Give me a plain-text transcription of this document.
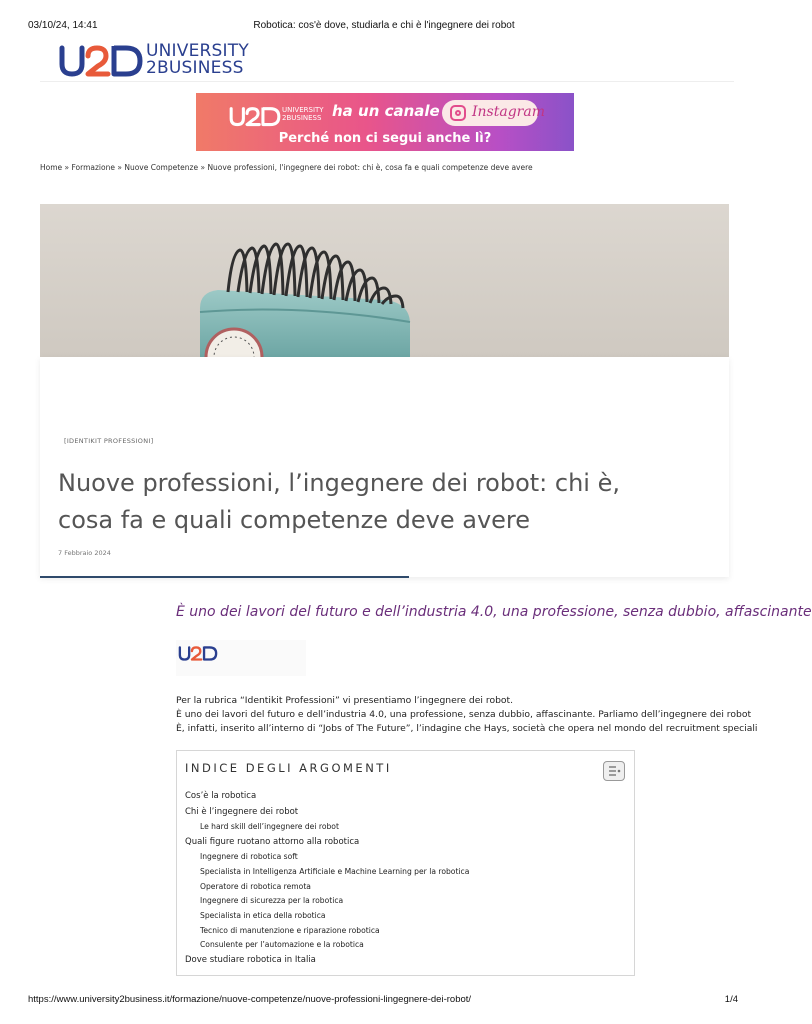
03/10/24, 14:41	Robotica: cos'è dove, studiarla e chi è l'ingegnere dei robot
UNIVERSITY
2BUSINESS
UNIVERSITY
2BUSINESS ha un canale Instagram
Perché non ci segui anche lì?
Home » Formazione » Nuove Competenze » Nuove professioni, l'ingegnere dei robot: chi è, cosa fa e quali competenze deve avere
[IDENTIKIT PROFESSIONI]
Nuove professioni, l’ingegnere dei robot: chi è,
cosa fa e quali competenze deve avere
7 Febbraio 2024
È uno dei lavori del futuro e dell’industria 4.0, una professione, senza dubbio, affascinante
Per la rubrica “Identikit Professioni” vi presentiamo l’ingegnere dei robot.
È uno dei lavori del futuro e dell’industria 4.0, una professione, senza dubbio, affascinante. Parliamo dell’ingegnere dei robot
È, infatti, inserito all’interno di “Jobs of The Future”, l’indagine che Hays, società che opera nel mondo del recruitment speciali
INDICE DEGLI ARGOMENTI
Cos’è la robotica
Chi è l’ingegnere dei robot
Le hard skill dell’ingegnere dei robot
Quali figure ruotano attorno alla robotica
Ingegnere di robotica soft
Specialista in Intelligenza Artificiale e Machine Learning per la robotica
Operatore di robotica remota
Ingegnere di sicurezza per la robotica
Specialista in etica della robotica
Tecnico di manutenzione e riparazione robotica
Consulente per l’automazione e la robotica
Dove studiare robotica in Italia
https://www.university2business.it/formazione/nuove-competenze/nuove-professioni-lingegnere-dei-robot/	1/4
